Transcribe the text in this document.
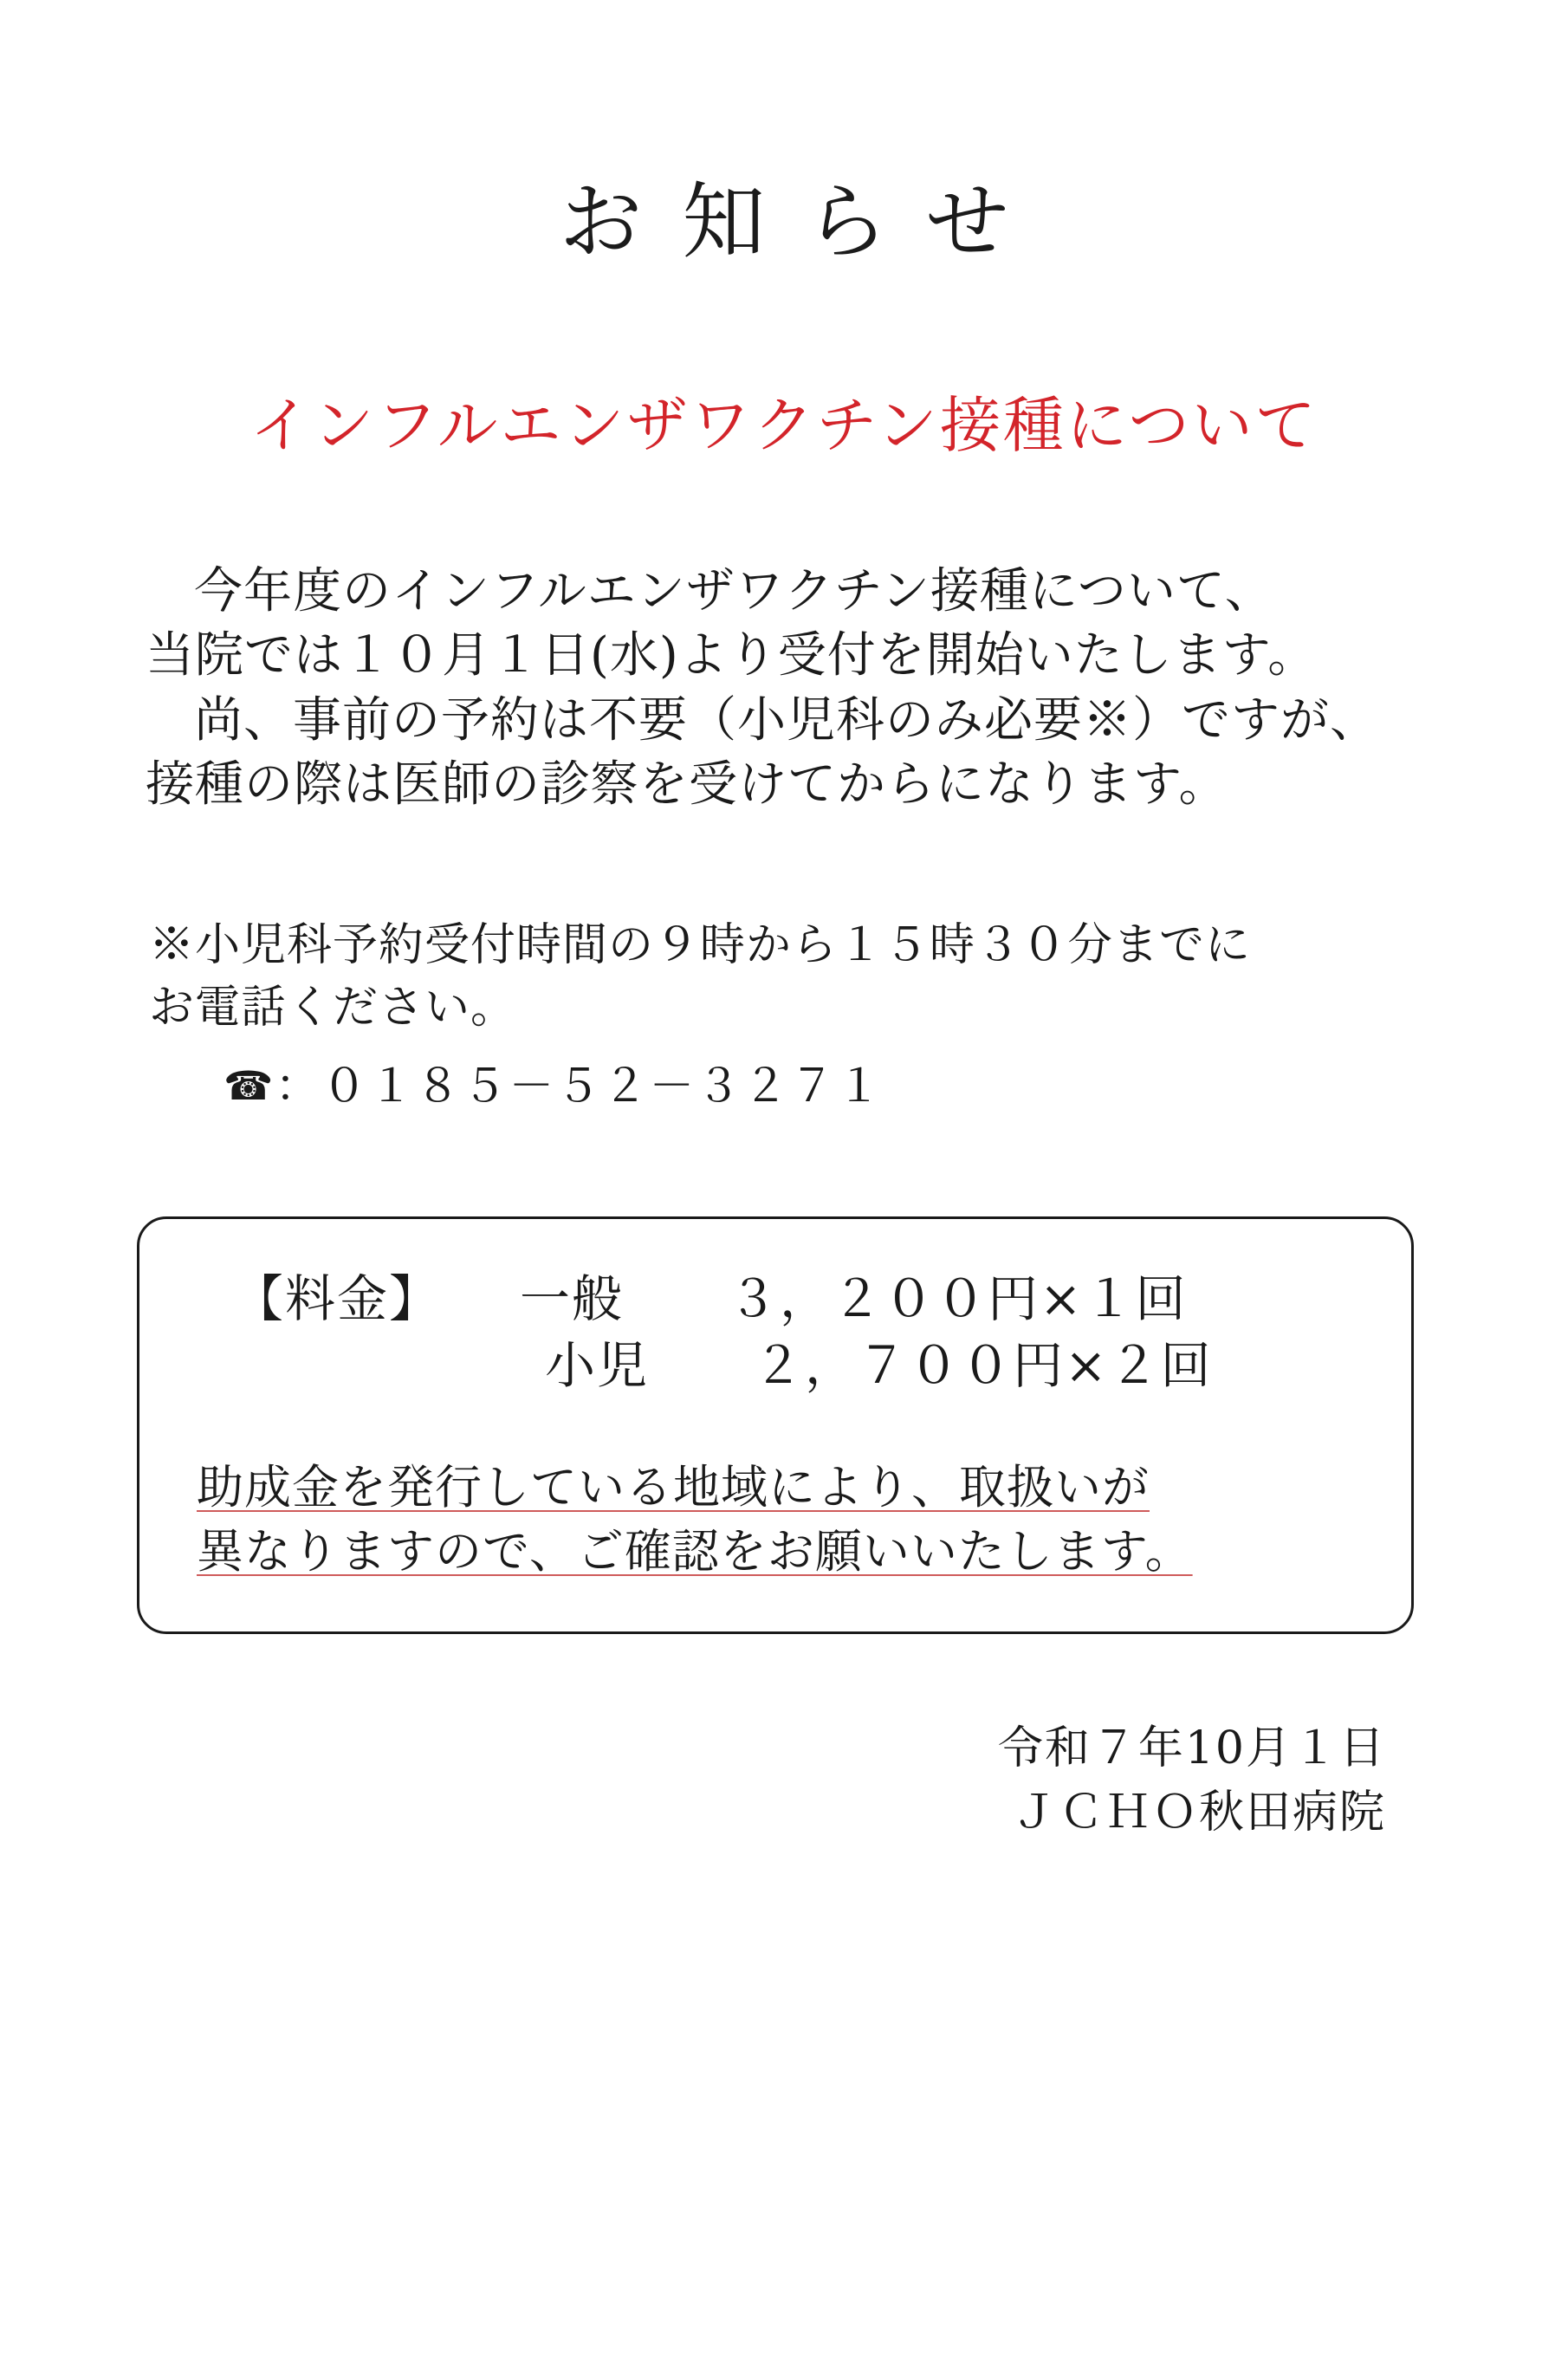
お知らせ
インフルエンザワクチン接種について
今年度のインフルエンザワクチン接種について、
当院では１０月１日(水)より受付を開始いたします。
尚、事前の予約は不要（小児科のみ必要※）ですが、
接種の際は医師の診察を受けてからになります。
※小児科予約受付時間の９時から１５時３０分までに
お電話ください。
☎：０１８５－５２－３２７１
【料金】　　一般　　３，２００円×１回
　　　　　　小児　　２，７００円×２回
助成金を発行している地域により、取扱いが
異なりますので、ご確認をお願いいたします。
令和７年10月１日
ＪＣＨＯ秋田病院
